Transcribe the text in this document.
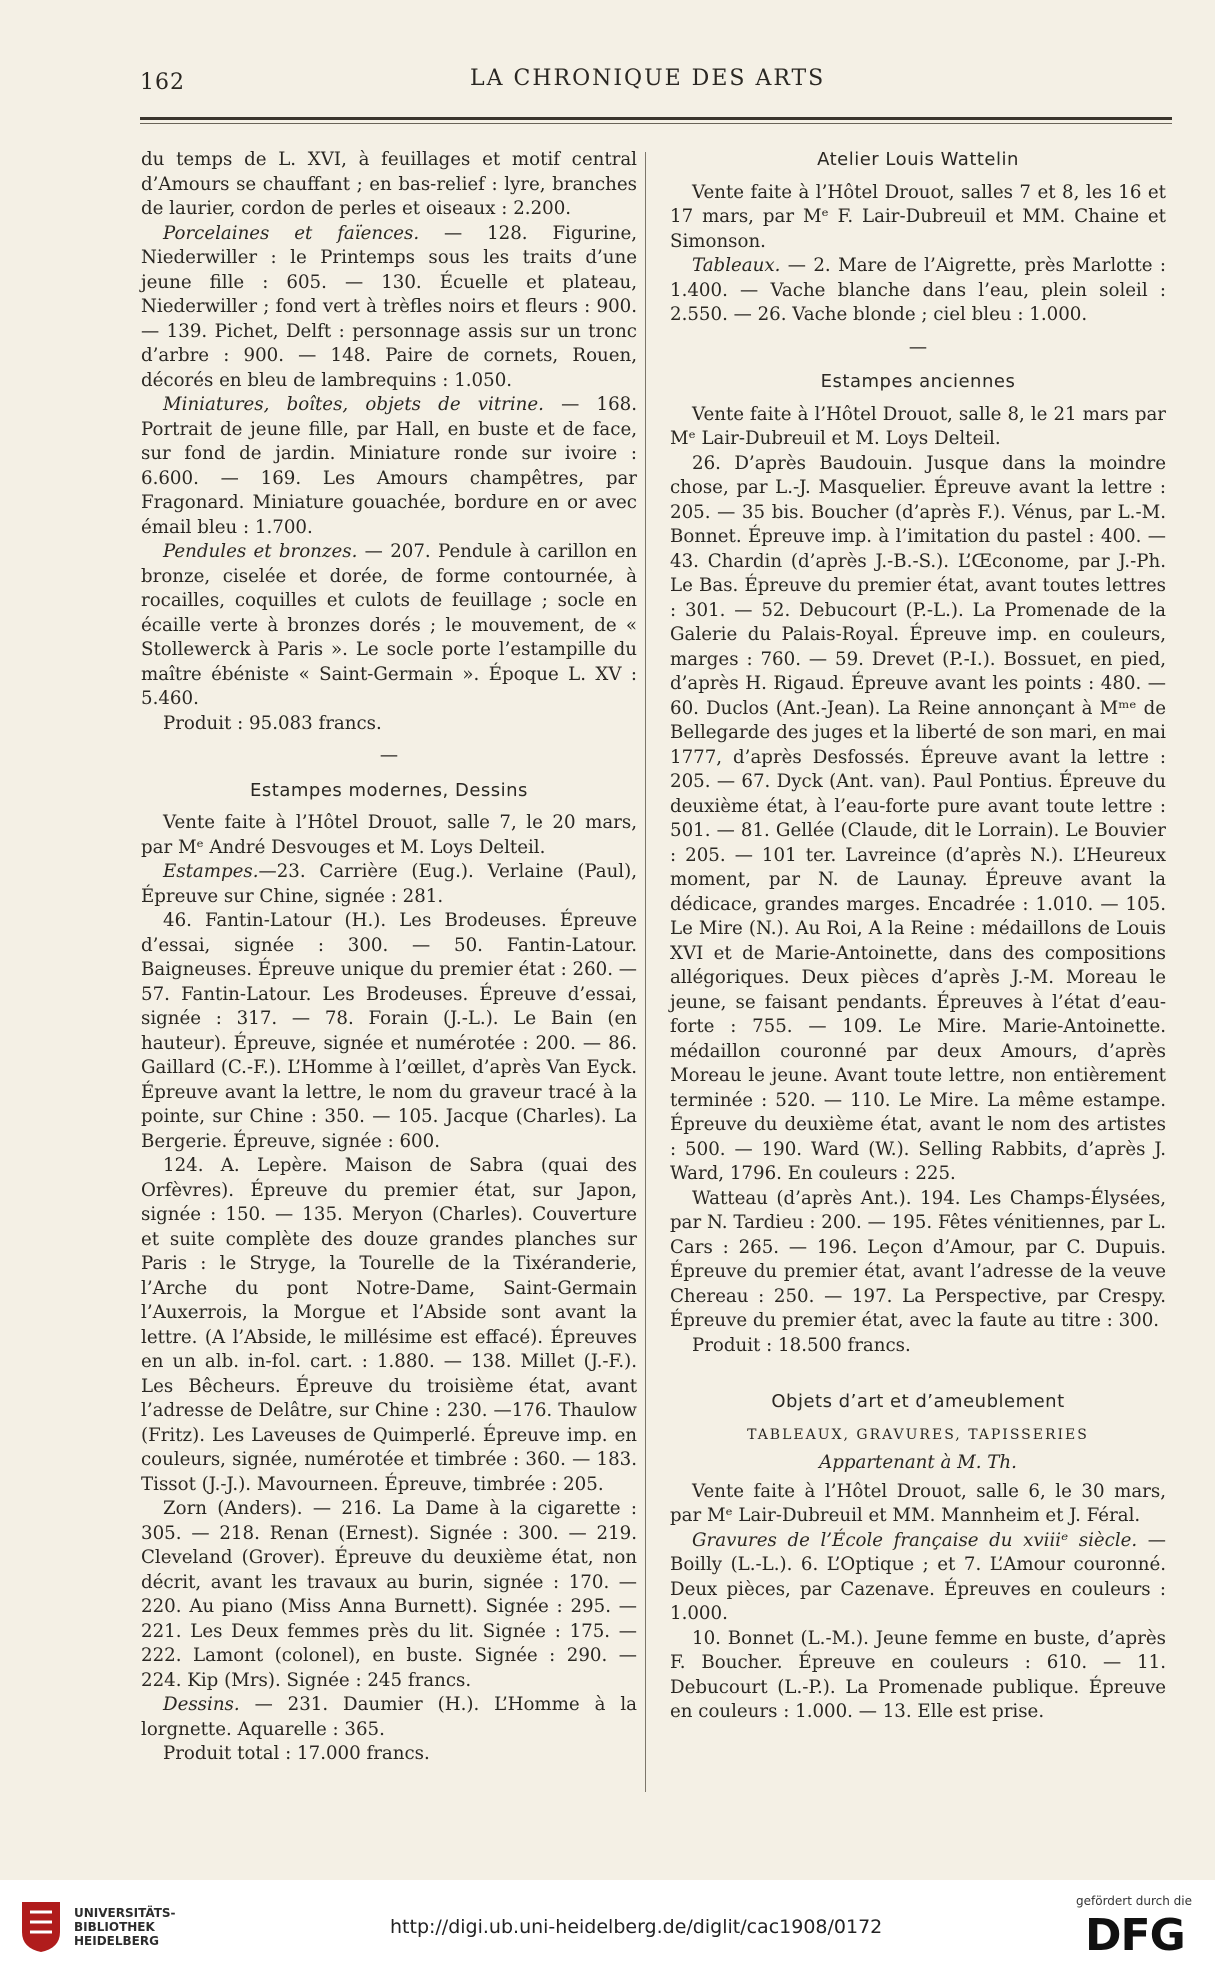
162	LA CHRONIQUE DES ARTS

du temps de L. XVI, à feuillages et motif central d’Amours se chauffant ; en bas-relief : lyre, branches de laurier, cordon de perles et oiseaux : 2.200.

Porcelaines et faïences. — 128. Figurine, Niederwiller : le Printemps sous les traits d’une jeune fille : 605. — 130. Écuelle et plateau, Niederwiller ; fond vert à trèfles noirs et fleurs : 900. — 139. Pichet, Delft : personnage assis sur un tronc d’arbre : 900. — 148. Paire de cornets, Rouen, décorés en bleu de lambrequins : 1.050.

Miniatures, boîtes, objets de vitrine. — 168. Portrait de jeune fille, par Hall, en buste et de face, sur fond de jardin. Miniature ronde sur ivoire : 6.600. — 169. Les Amours champêtres, par Fragonard. Miniature gouachée, bordure en or avec émail bleu : 1.700.

Pendules et bronzes. — 207. Pendule à carillon en bronze, ciselée et dorée, de forme contournée, à rocailles, coquilles et culots de feuillage ; socle en écaille verte à bronzes dorés ; le mouvement, de « Stollewerck à Paris ». Le socle porte l’estampille du maître ébéniste « Saint-Germain ». Époque L. XV : 5.460.

Produit : 95.083 francs.

—
Estampes modernes, Dessins

Vente faite à l’Hôtel Drouot, salle 7, le 20 mars, par Mᵉ André Desvouges et M. Loys Delteil.

Estampes.—23. Carrière (Eug.). Verlaine (Paul), Épreuve sur Chine, signée : 281.

46. Fantin-Latour (H.). Les Brodeuses. Épreuve d’essai, signée : 300. — 50. Fantin-Latour. Baigneuses. Épreuve unique du premier état : 260. — 57. Fantin-Latour. Les Brodeuses. Épreuve d’essai, signée : 317. — 78. Forain (J.-L.). Le Bain (en hauteur). Épreuve, signée et numérotée : 200. — 86. Gaillard (C.-F.). L’Homme à l’œillet, d’après Van Eyck. Épreuve avant la lettre, le nom du graveur tracé à la pointe, sur Chine : 350. — 105. Jacque (Charles). La Bergerie. Épreuve, signée : 600.

124. A. Lepère. Maison de Sabra (quai des Orfèvres). Épreuve du premier état, sur Japon, signée : 150. — 135. Meryon (Charles). Couverture et suite complète des douze grandes planches sur Paris : le Stryge, la Tourelle de la Tixéranderie, l’Arche du pont Notre-Dame, Saint-Germain l’Auxerrois, la Morgue et l’Abside sont avant la lettre. (A l’Abside, le millésime est effacé). Épreuves en un alb. in-fol. cart. : 1.880. — 138. Millet (J.-F.). Les Bêcheurs. Épreuve du troisième état, avant l’adresse de Delâtre, sur Chine : 230. —176. Thaulow (Fritz). Les Laveuses de Quimperlé. Épreuve imp. en couleurs, signée, numérotée et timbrée : 360. — 183. Tissot (J.-J.). Mavourneen. Épreuve, timbrée : 205.

Zorn (Anders). — 216. La Dame à la cigarette : 305. — 218. Renan (Ernest). Signée : 300. — 219. Cleveland (Grover). Épreuve du deuxième état, non décrit, avant les travaux au burin, signée : 170. — 220. Au piano (Miss Anna Burnett). Signée : 295. — 221. Les Deux femmes près du lit. Signée : 175. — 222. Lamont (colonel), en buste. Signée : 290. — 224. Kip (Mrs). Signée : 245 francs.

Dessins. — 231. Daumier (H.). L’Homme à la lorgnette. Aquarelle : 365.

Produit total : 17.000 francs.

Atelier Louis Wattelin

Vente faite à l’Hôtel Drouot, salles 7 et 8, les 16 et 17 mars, par Mᵉ F. Lair-Dubreuil et MM. Chaine et Simonson.

Tableaux. — 2. Mare de l’Aigrette, près Marlotte : 1.400. — Vache blanche dans l’eau, plein soleil : 2.550. — 26. Vache blonde ; ciel bleu : 1.000.

—
Estampes anciennes

Vente faite à l’Hôtel Drouot, salle 8, le 21 mars par Mᵉ Lair-Dubreuil et M. Loys Delteil.

26. D’après Baudouin. Jusque dans la moindre chose, par L.-J. Masquelier. Épreuve avant la lettre : 205. — 35 bis. Boucher (d’après F.). Vénus, par L.-M. Bonnet. Épreuve imp. à l’imitation du pastel : 400. — 43. Chardin (d’après J.-B.-S.). L’Œconome, par J.-Ph. Le Bas. Épreuve du premier état, avant toutes lettres : 301. — 52. Debucourt (P.-L.). La Promenade de la Galerie du Palais-Royal. Épreuve imp. en couleurs, marges : 760. — 59. Drevet (P.-I.). Bossuet, en pied, d’après H. Rigaud. Épreuve avant les points : 480. — 60. Duclos (Ant.-Jean). La Reine annonçant à Mᵐᵉ de Bellegarde des juges et la liberté de son mari, en mai 1777, d’après Desfossés. Épreuve avant la lettre : 205. — 67. Dyck (Ant. van). Paul Pontius. Épreuve du deuxième état, à l’eau-forte pure avant toute lettre : 501. — 81. Gellée (Claude, dit le Lorrain). Le Bouvier : 205. — 101 ter. Lavreince (d’après N.). L’Heureux moment, par N. de Launay. Épreuve avant la dédicace, grandes marges. Encadrée : 1.010. — 105. Le Mire (N.). Au Roi, A la Reine : médaillons de Louis XVI et de Marie-Antoinette, dans des compositions allégoriques. Deux pièces d’après J.-M. Moreau le jeune, se faisant pendants. Épreuves à l’état d’eau-forte : 755. — 109. Le Mire. Marie-Antoinette. médaillon couronné par deux Amours, d’après Moreau le jeune. Avant toute lettre, non entièrement terminée : 520. — 110. Le Mire. La même estampe. Épreuve du deuxième état, avant le nom des artistes : 500. — 190. Ward (W.). Selling Rabbits, d’après J. Ward, 1796. En couleurs : 225.

Watteau (d’après Ant.). 194. Les Champs-Élysées, par N. Tardieu : 200. — 195. Fêtes vénitiennes, par L. Cars : 265. — 196. Leçon d’Amour, par C. Dupuis. Épreuve du premier état, avant l’adresse de la veuve Chereau : 250. — 197. La Perspective, par Crespy. Épreuve du premier état, avec la faute au titre : 300.

Produit : 18.500 francs.

Objets d’art et d’ameublement
TABLEAUX, GRAVURES, TAPISSERIES
Appartenant à M. Th.

Vente faite à l’Hôtel Drouot, salle 6, le 30 mars, par Mᵉ Lair-Dubreuil et MM. Mannheim et J. Féral.

Gravures de l’École française du xviiiᵉ siècle. — Boilly (L.-L.). 6. L’Optique ; et 7. L’Amour couronné. Deux pièces, par Cazenave. Épreuves en couleurs : 1.000.

10. Bonnet (L.-M.). Jeune femme en buste, d’après F. Boucher. Épreuve en couleurs : 610. — 11. Debucourt (L.-P.). La Promenade publique. Épreuve en couleurs : 1.000. — 13. Elle est prise.

UNIVERSITÄTS-
BIBLIOTHEK
HEIDELBERG
http://digi.ub.uni-heidelberg.de/diglit/cac1908/0172
gefördert durch die
DFG
